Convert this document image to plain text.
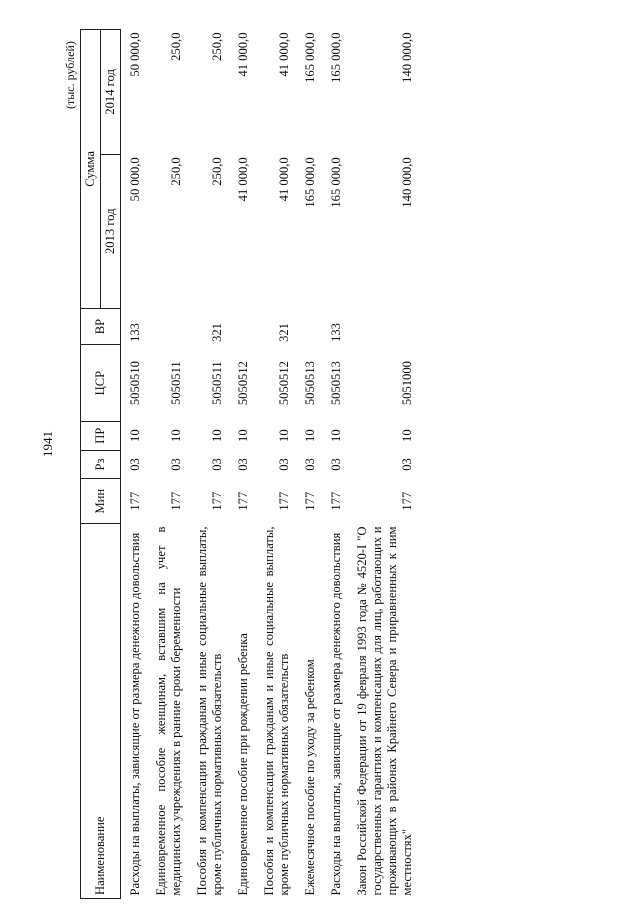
1941
(тыс. рублей)
Наименование	Мин	Рз	ПР	ЦСР	ВР	Сумма	
						2013 год	2014 год
Расходы на выплаты, зависящие от размера денежного довольствия	177	03	10	5050510	133	50 000,0	50 000,0
Единовременное пособие женщинам, вставшим на учет в медицинских учреждениях в ранние сроки беременности	177	03	10	5050511		250,0	250,0
Пособия и компенсации гражданам и иные социальные выплаты, кроме публичных нормативных обязательств	177	03	10	5050511	321	250,0	250,0
Единовременное пособие при рождении ребенка	177	03	10	5050512		41 000,0	41 000,0
Пособия и компенсации гражданам и иные социальные выплаты, кроме публичных нормативных обязательств	177	03	10	5050512	321	41 000,0	41 000,0
Ежемесячное пособие по уходу за ребенком	177	03	10	5050513		165 000,0	165 000,0
Расходы на выплаты, зависящие от размера денежного довольствия	177	03	10	5050513	133	165 000,0	165 000,0
Закон Российской Федерации от 19 февраля 1993 года № 4520-I "О государственных гарантиях и компенсациях для лиц, работающих и проживающих в районах Крайнего Севера и приравненных к ним местностях"	177	03	10	5051000		140 000,0	140 000,0
